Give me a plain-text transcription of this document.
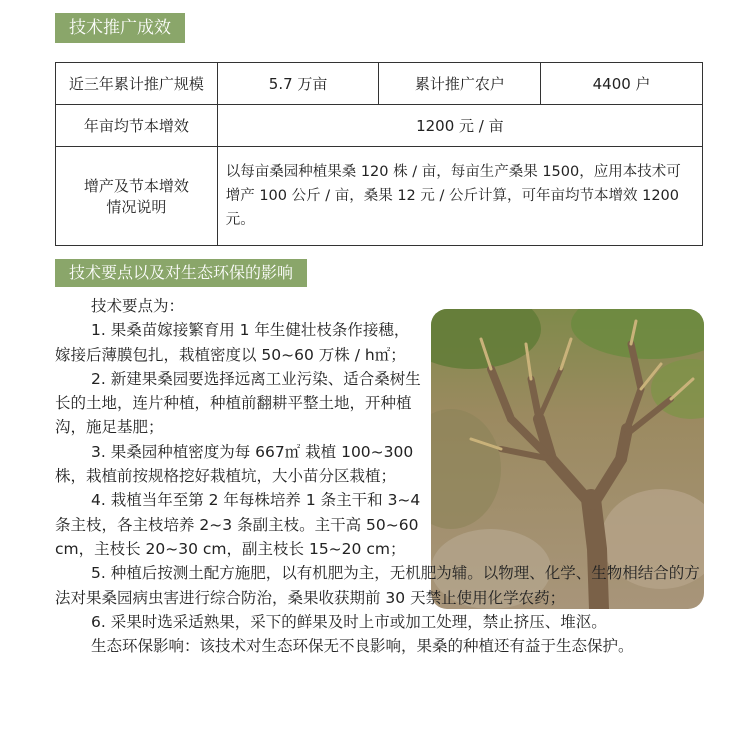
技术推广成效
近三年累计推广规模	5.7 万亩	累计推广农户	4400 户
年亩均节本增效	1200 元 / 亩		

增产及节本增效
情况说明	以每亩桑园种植果桑 120 株 / 亩，每亩生产桑果 1500，应用本技术可增产 100 公斤 / 亩，桑果 12 元 / 公斤计算，可年亩均节本增效 1200 元。		
技术要点以及对生态环保的影响

技术要点为：

1. 果桑苗嫁接繁育用 1 年生健壮枝条作接穗，嫁接后薄膜包扎，栽植密度以 50~60 万株 / h㎡；

2. 新建果桑园要选择远离工业污染、适合桑树生长的土地，连片种植，种植前翻耕平整土地，开种植沟，施足基肥；

3. 果桑园种植密度为每 667㎡ 栽植 100~300 株，栽植前按规格挖好栽植坑，大小苗分区栽植；

4. 栽植当年至第 2 年每株培养 1 条主干和 3~4 条主枝，各主枝培养 2~3 条副主枝。主干高 50~60 cm，主枝长 20~30 cm，副主枝长 15~20 cm；

5. 种植后按测土配方施肥，以有机肥为主，无机肥为辅。以物理、化学、生物相结合的方法对果桑园病虫害进行综合防治，桑果收获期前 30 天禁止使用化学农药；

6. 采果时选采适熟果，采下的鲜果及时上市或加工处理，禁止挤压、堆沤。

生态环保影响：该技术对生态环保无不良影响，果桑的种植还有益于生态保护。
